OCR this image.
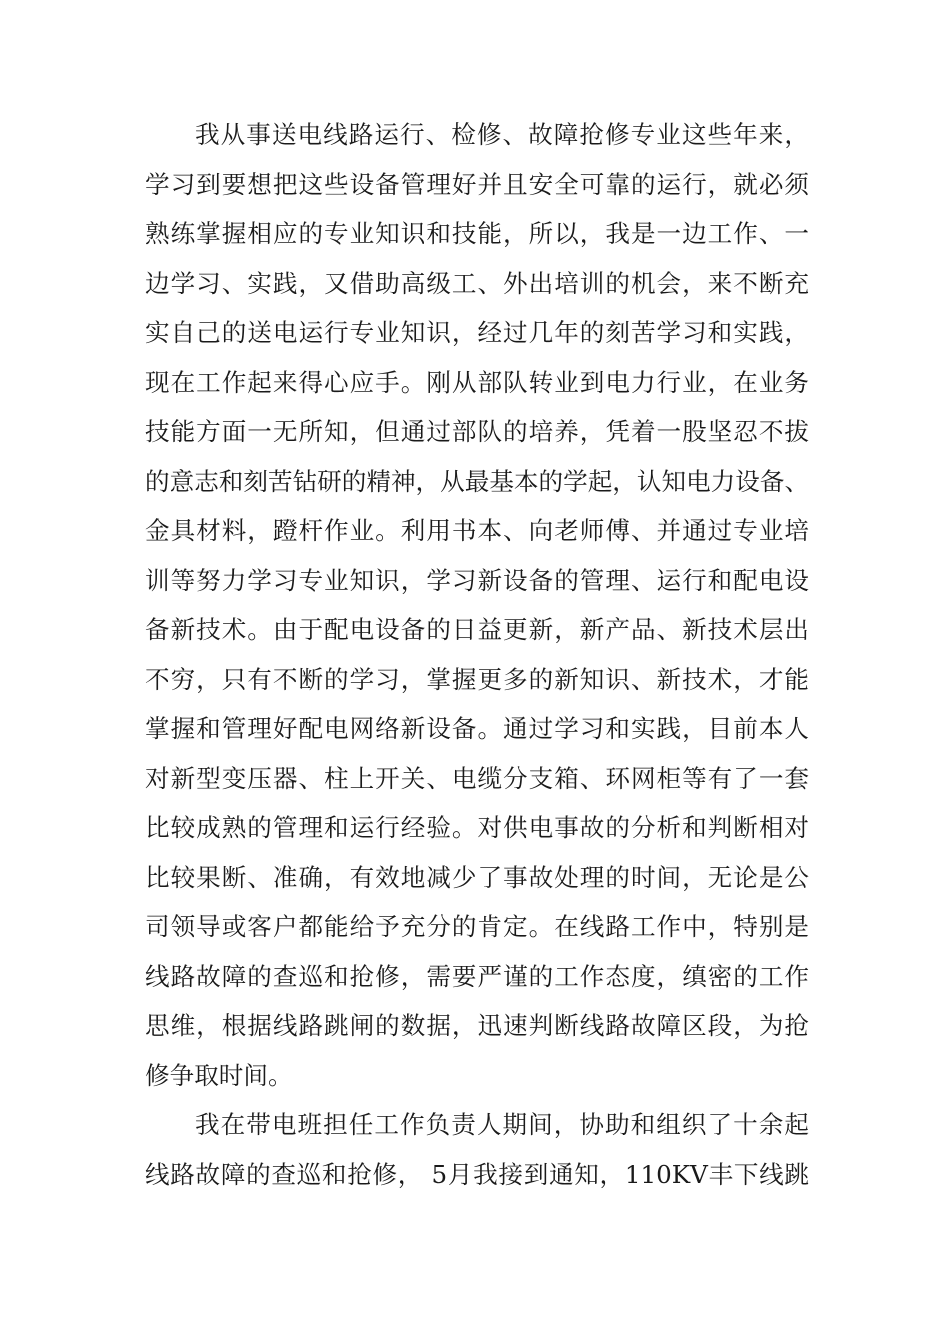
我从事送电线路运行、检修、故障抢修专业这些年来，
学习到要想把这些设备管理好并且安全可靠的运行，就必须
熟练掌握相应的专业知识和技能，所以，我是一边工作、一
边学习、实践，又借助高级工、外出培训的机会，来不断充
实自己的送电运行专业知识，经过几年的刻苦学习和实践，
现在工作起来得心应手。刚从部队转业到电力行业，在业务
技能方面一无所知，但通过部队的培养，凭着一股坚忍不拔
的意志和刻苦钻研的精神，从最基本的学起，认知电力设备、
金具材料，蹬杆作业。利用书本、向老师傅、并通过专业培
训等努力学习专业知识，学习新设备的管理、运行和配电设
备新技术。由于配电设备的日益更新，新产品、新技术层出
不穷，只有不断的学习，掌握更多的新知识、新技术，才能
掌握和管理好配电网络新设备。通过学习和实践，目前本人
对新型变压器、柱上开关、电缆分支箱、环网柜等有了一套
比较成熟的管理和运行经验。对供电事故的分析和判断相对
比较果断、准确，有效地减少了事故处理的时间，无论是公
司领导或客户都能给予充分的肯定。在线路工作中，特别是
线路故障的查巡和抢修，需要严谨的工作态度，缜密的工作
思维，根据线路跳闸的数据，迅速判断线路故障区段，为抢
修争取时间。
我在带电班担任工作负责人期间，协助和组织了十余起
线路故障的查巡和抢修， 5月我接到通知，110KV丰下线跳
